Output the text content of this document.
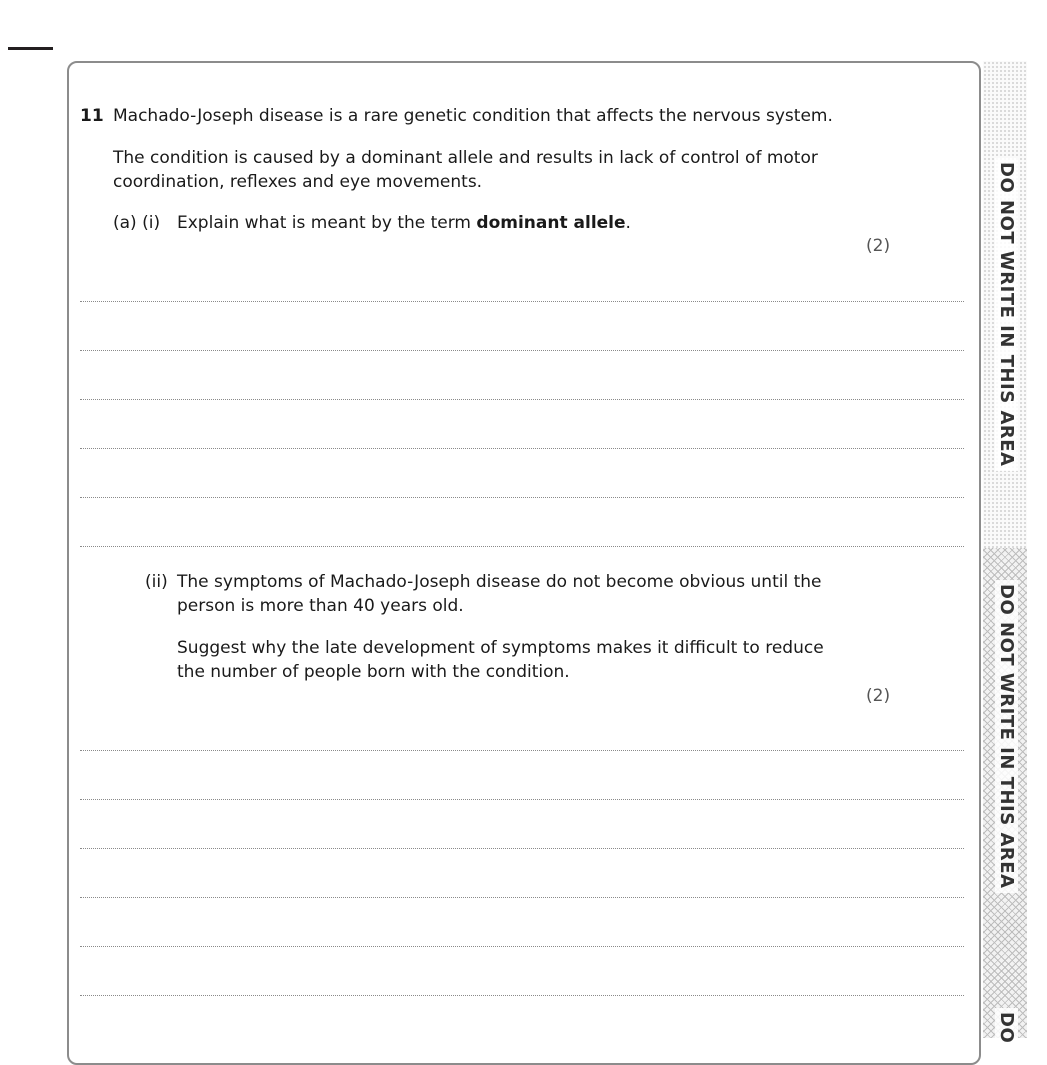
DO NOT WRITE IN THIS AREA
DO NOT WRITE IN THIS AREA
DO
11 Machado-Joseph disease is a rare genetic condition that affects the nervous system.
The condition is caused by a dominant allele and results in lack of control of motor
coordination, reflexes and eye movements.
(a) (i) Explain what is meant by the term dominant allele.
(2)
(ii) The symptoms of Machado-Joseph disease do not become obvious until the
person is more than 40 years old.
Suggest why the late development of symptoms makes it difficult to reduce
the number of people born with the condition.
(2)
